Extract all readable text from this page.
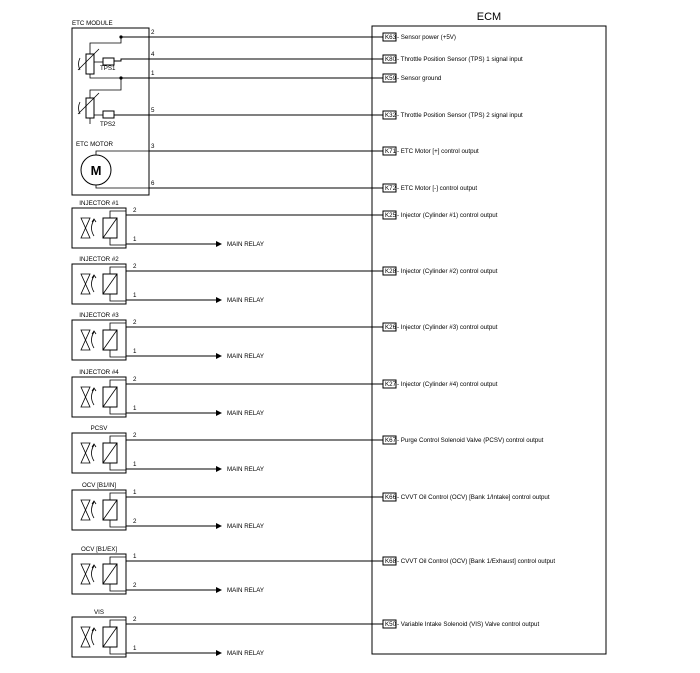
ECM
ETC MODULE
TPS1
TPS2
ETC MOTOR
M
2
K63 - Sensor power (+5V)
4
K80 - Throttle Position Sensor (TPS) 1 signal input
1
K59 - Sensor ground
5
K32 - Throttle Position Sensor (TPS) 2 signal input
3
K71 - ETC Motor [+] control output
6
K72 - ETC Motor [-] control output
INJECTOR #1
2
K25 - Injector (Cylinder #1) control output
1
MAIN RELAY
INJECTOR #2
2
K28 - Injector (Cylinder #2) control output
1
MAIN RELAY
INJECTOR #3
2
K26 - Injector (Cylinder #3) control output
1
MAIN RELAY
INJECTOR #4
2
K27 - Injector (Cylinder #4) control output
1
MAIN RELAY
PCSV
2
K67 - Purge Control Solenoid Valve (PCSV) control output
1
MAIN RELAY
OCV [B1/IN]
1
K66 - CVVT Oil Control (OCV) [Bank 1/Intake] control output
2
MAIN RELAY
OCV [B1/EX]
1
K68 - CVVT Oil Control (OCV) [Bank 1/Exhaust] control output
2
MAIN RELAY
VIS
2
K50 - Variable Intake Solenoid (VIS) Valve control output
1
MAIN RELAY
